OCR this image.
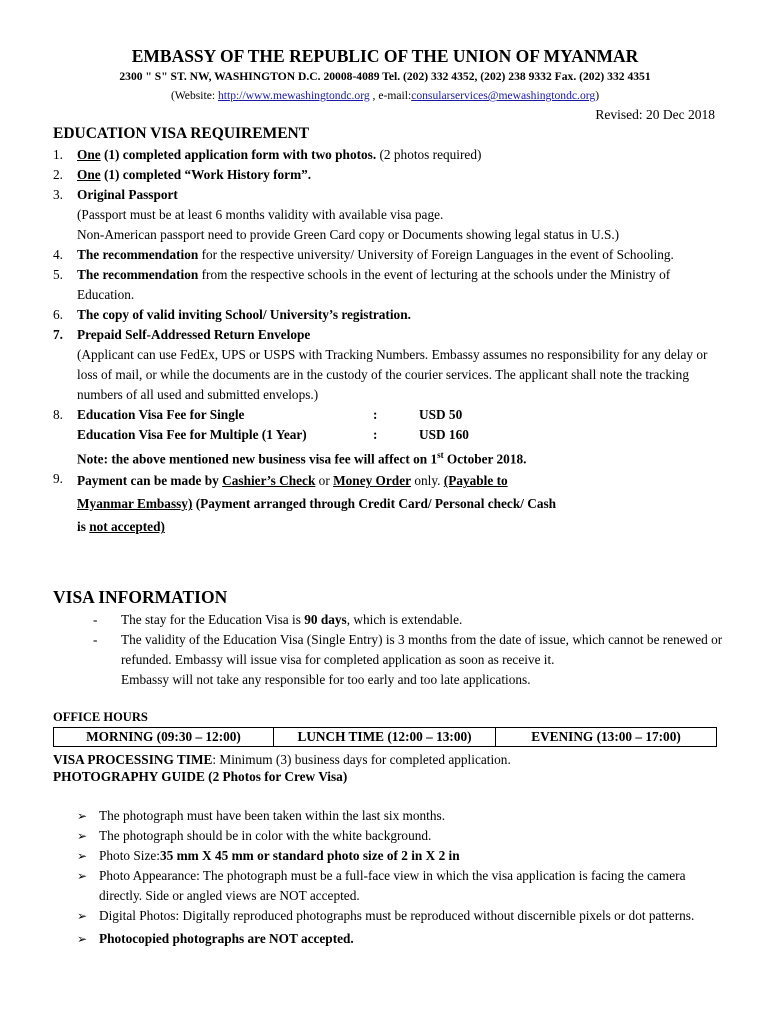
EMBASSY OF THE REPUBLIC OF THE UNION OF MYANMAR
2300 " S" ST. NW, WASHINGTON D.C. 20008-4089 Tel. (202) 332 4352, (202) 238 9332 Fax. (202) 332 4351
(Website: http://www.mewashingtondc.org , e-mail:consularservices@mewashingtondc.org)
Revised: 20 Dec 2018
EDUCATION VISA REQUIREMENT
1.	One (1) completed application form with two photos. (2 photos required)
2.	One (1) completed “Work History form”.
3.	Original Passport
(Passport must be at least 6 months validity with available visa page.
Non-American passport need to provide Green Card copy or Documents showing legal status in U.S.)
4.	The recommendation for the respective university/ University of Foreign Languages in the event of Schooling.
5.	The recommendation from the respective schools in the event of lecturing at the schools under the Ministry of Education.
6.	The copy of valid inviting School/ University’s registration.
7.	Prepaid Self-Addressed Return Envelope
(Applicant can use FedEx, UPS or USPS with Tracking Numbers. Embassy assumes no responsibility for any delay or loss of mail, or while the documents are in the custody of the courier services. The applicant shall note the tracking
numbers of all used and submitted envelops.)
8.	Education Visa Fee for Single	:	USD 50
Education Visa Fee for Multiple (1 Year)	:	USD 160
Note: the above mentioned new business visa fee will affect on 1st October 2018.
9.	Payment can be made by Cashier’s Check or Money Order only. (Payable to
Myanmar Embassy) (Payment arranged through Credit Card/ Personal check/ Cash
is not accepted)
VISA INFORMATION
-	The stay for the Education Visa is 90 days, which is extendable.
-	The validity of the Education Visa (Single Entry) is 3 months from the date of issue, which cannot be renewed or refunded. Embassy will issue visa for completed application as soon as receive it.
Embassy will not take any responsible for too early and too late applications.
OFFICE HOURS
MORNING (09:30 – 12:00)	LUNCH TIME (12:00 – 13:00)	EVENING (13:00 – 17:00)
VISA PROCESSING TIME: Minimum (3) business days for completed application.
PHOTOGRAPHY GUIDE (2 Photos for Crew Visa)
➢ The photograph must have been taken within the last six months.
➢ The photograph should be in color with the white background.
➢ Photo Size:35 mm X 45 mm or standard photo size of 2 in X 2 in
➢ Photo Appearance: The photograph must be a full-face view in which the visa application is facing the camera directly. Side or angled views are NOT accepted.
➢ Digital Photos: Digitally reproduced photographs must be reproduced without discernible pixels or dot patterns.
➢ Photocopied photographs are NOT accepted.
